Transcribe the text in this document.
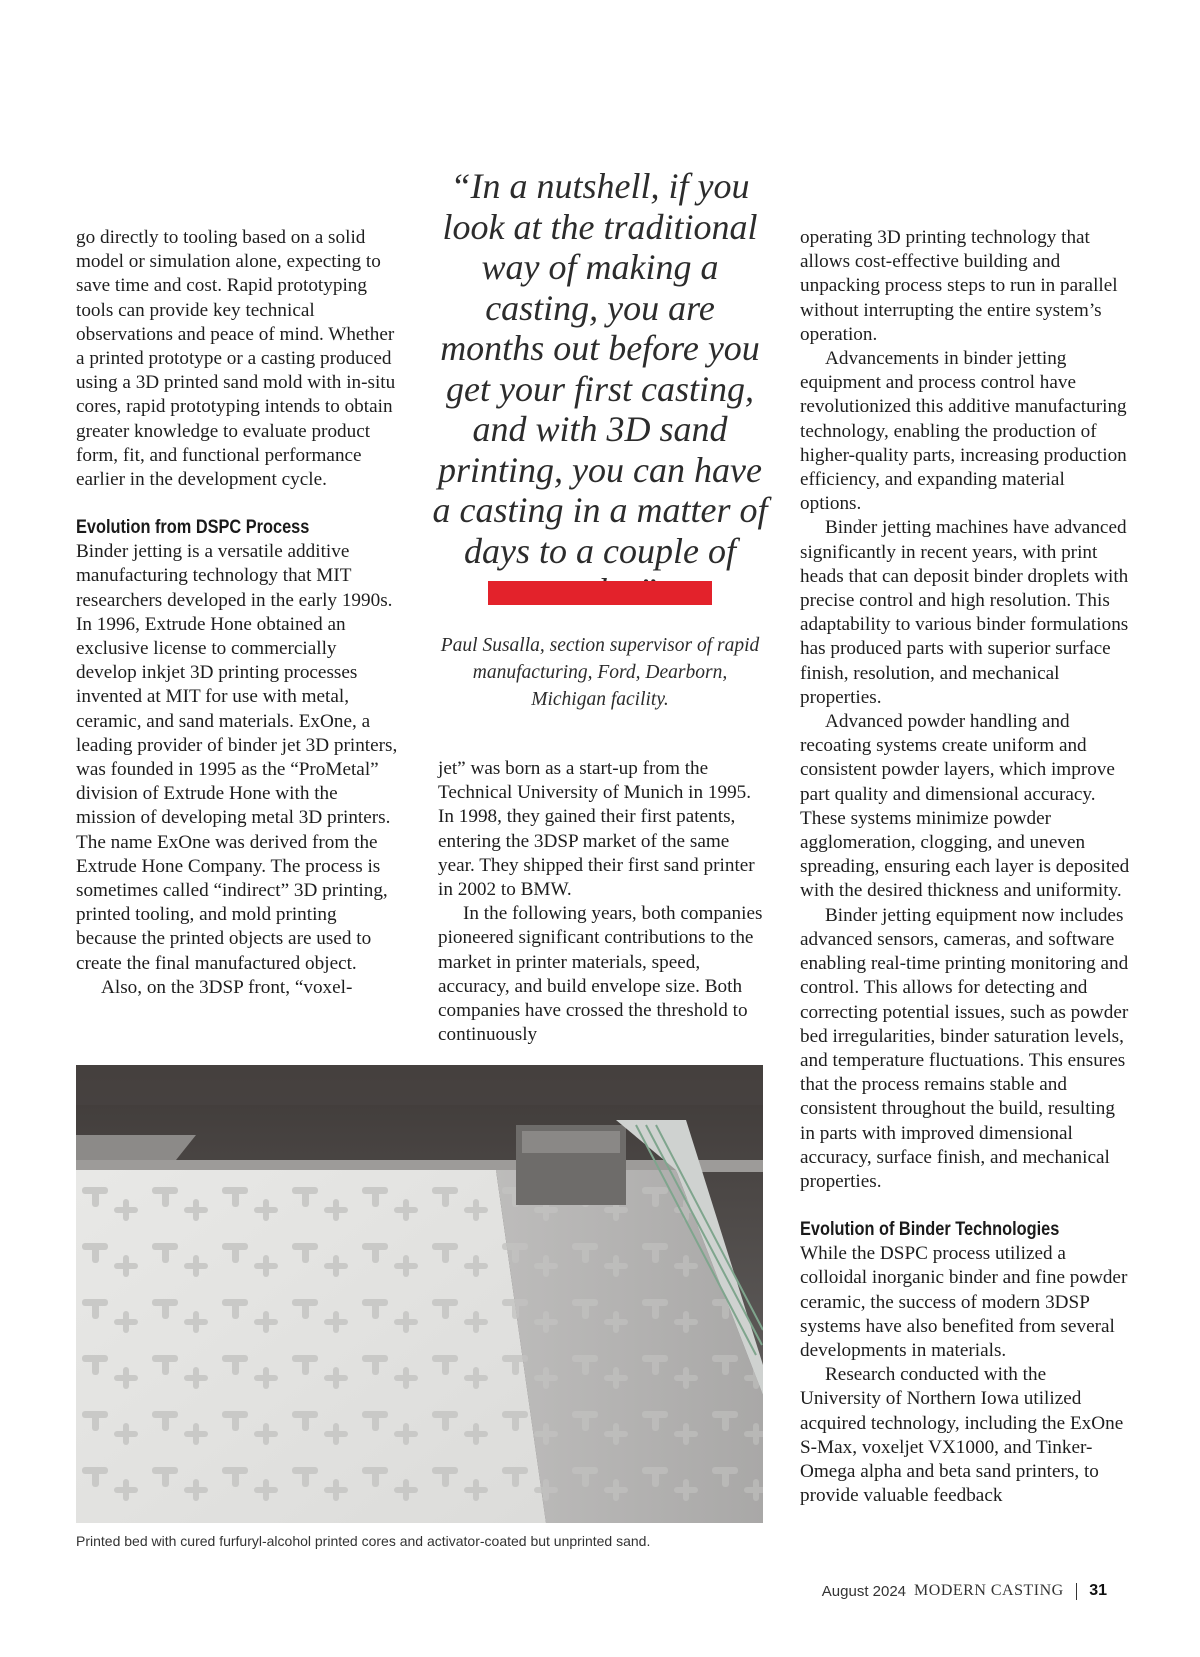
go directly to tooling based on a solid model or simulation alone, expecting to save time and cost. Rapid prototyping tools can provide key technical observations and peace of mind. Whether a printed prototype or a casting produced using a 3D printed sand mold with in-situ cores, rapid prototyping intends to obtain greater knowledge to evaluate product form, fit, and functional performance earlier in the development cycle.

Evolution from DSPC Process

Binder jetting is a versatile additive manufacturing technology that MIT researchers developed in the early 1990s. In 1996, Extrude Hone obtained an exclusive license to commercially develop inkjet 3D printing processes invented at MIT for use with metal, ceramic, and sand materials. ExOne, a leading provider of binder jet 3D printers, was founded in 1995 as the “ProMetal” division of Extrude Hone with the mission of developing metal 3D printers. The name ExOne was derived from the Extrude Hone Company. The process is sometimes called “indirect” 3D printing, printed tooling, and mold printing because the printed objects are used to create the final manufactured object.

Also, on the 3DSP front, “voxel-

“In a nutshell, if you look at the traditional way of making a casting, you are months out before you get your first casting, and with 3D sand printing, you can have a casting in a matter of days to a couple of

Paul Susalla, section supervisor of rapid manufacturing, Ford, Dearborn, Michigan facility.

jet” was born as a start-up from the Technical University of Munich in 1995. In 1998, they gained their first patents, entering the 3DSP market of the same year. They shipped their first sand printer in 2002 to BMW.

In the following years, both companies pioneered significant contributions to the market in printer materials, speed, accuracy, and build envelope size. Both companies have crossed the threshold to continuously

operating 3D printing technology that allows cost-effective building and unpacking process steps to run in parallel without interrupting the entire system’s operation.

Advancements in binder jetting equipment and process control have revolutionized this additive manufacturing technology, enabling the production of higher-quality parts, increasing production efficiency, and expanding material options.

Binder jetting machines have advanced significantly in recent years, with print heads that can deposit binder droplets with precise control and high resolution. This adaptability to various binder formulations has produced parts with superior surface finish, resolution, and mechanical properties.

Advanced powder handling and recoating systems create uniform and consistent powder layers, which improve part quality and dimensional accuracy. These systems minimize powder agglomeration, clogging, and uneven spreading, ensuring each layer is deposited with the desired thickness and uniformity.

Binder jetting equipment now includes advanced sensors, cameras, and software enabling real-time printing monitoring and control. This allows for detecting and correcting potential issues, such as powder bed irregularities, binder saturation levels, and temperature fluctuations. This ensures that the process remains stable and consistent throughout the build, resulting in parts with improved dimensional accuracy, surface finish, and mechanical properties.

Evolution of Binder Technologies

While the DSPC process utilized a colloidal inorganic binder and fine powder ceramic, the success of modern 3DSP systems have also benefited from several developments in materials.

Research conducted with the University of Northern Iowa utilized acquired technology, including the ExOne S-Max, voxeljet VX1000, and Tinker-Omega alpha and beta sand printers, to provide valuable feedback

Printed bed with cured furfuryl-alcohol printed cores and activator-coated but unprinted sand.
August 2024 MODERN CASTING 31
